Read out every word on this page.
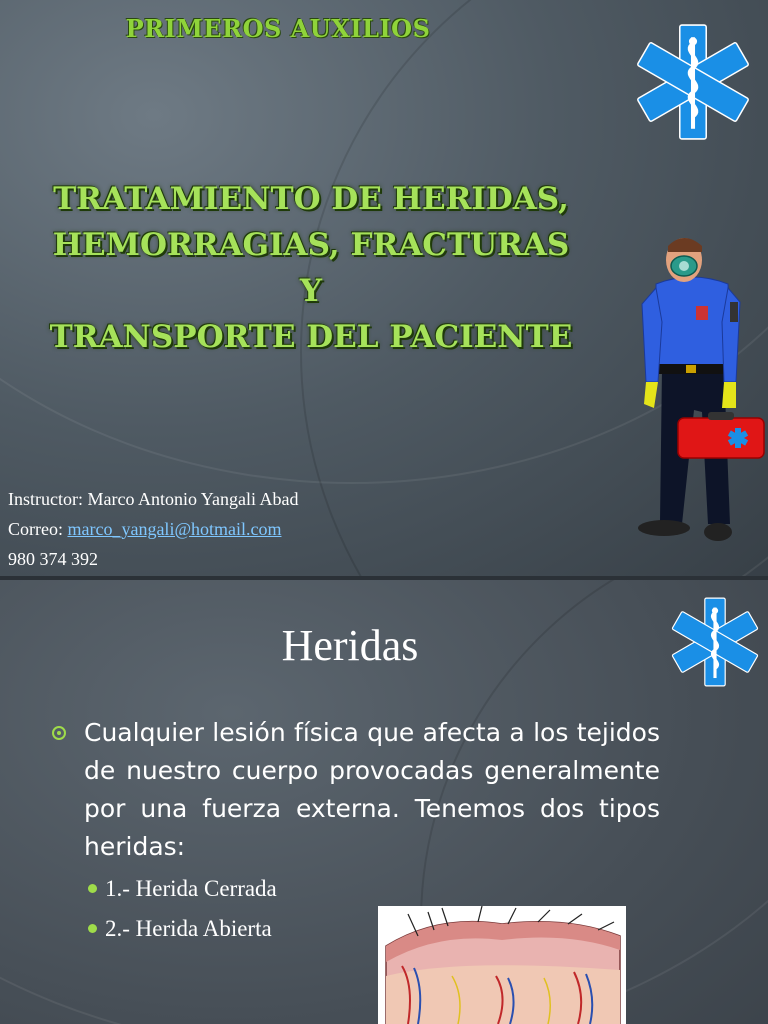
PRIMEROS AUXILIOS
TRATAMIENTO DE HERIDAS,
HEMORRAGIAS, FRACTURAS
Y
TRANSPORTE DEL PACIENTE
Instructor: Marco Antonio Yangali Abad
Correo: marco_yangali@hotmail.com
980 374 392
Heridas
Cualquier lesión física que afecta a los tejidos de nuestro cuerpo provocadas generalmente por una fuerza externa. Tenemos dos tipos heridas:
1.- Herida Cerrada
2.- Herida Abierta
